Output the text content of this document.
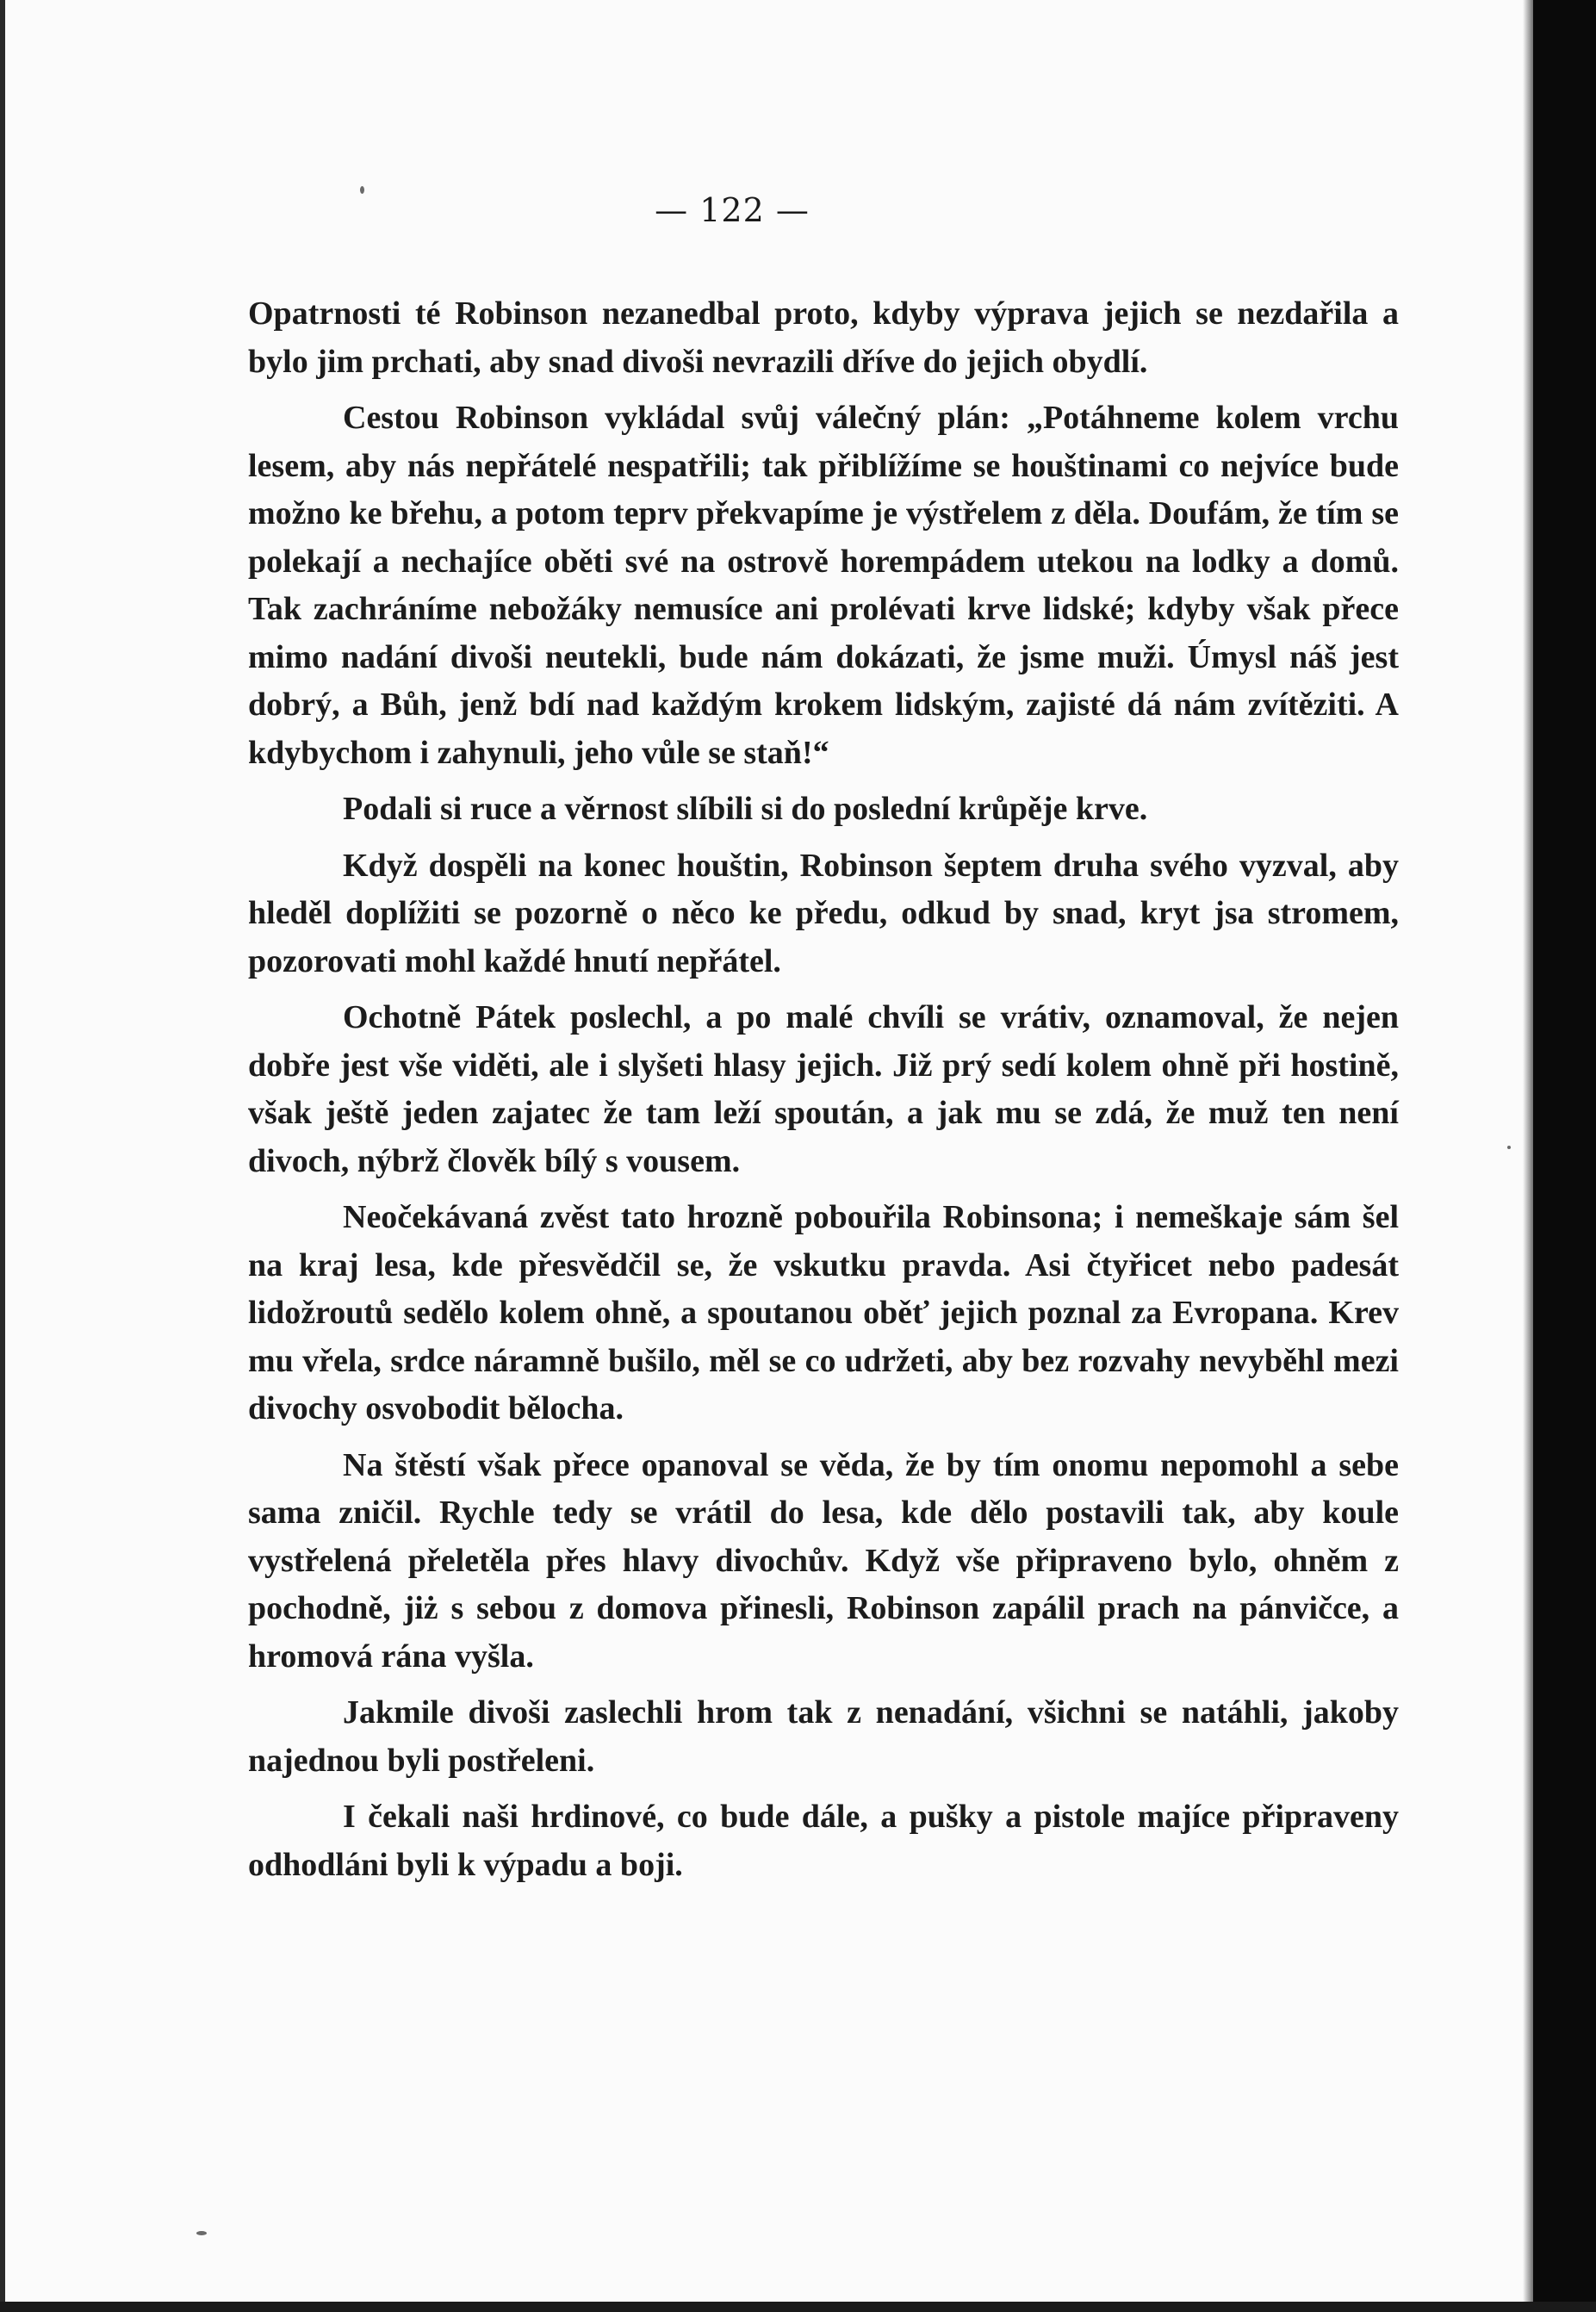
— 122 —

Opatrnosti té Robinson nezanedbal proto, kdyby výprava jejich se nezdařila a bylo jim prchati, aby snad divoši nevrazili dříve do jejich obydlí.

Cestou Robinson vykládal svůj válečný plán: „Potáhneme kolem vrchu lesem, aby nás nepřátelé nespatřili; tak přiblížíme se houštinami co nejvíce bude možno ke břehu, a potom teprv překvapíme je výstřelem z děla. Doufám, že tím se polekají a nechajíce oběti své na ostrově horempádem utekou na lodky a domů. Tak zachráníme nebožáky nemusíce ani prolévati krve lidské; kdyby však přece mimo nadání divoši neutekli, bude nám dokázati, že jsme muži. Úmysl náš jest dobrý, a Bůh, jenž bdí nad každým krokem lidským, zajisté dá nám zvítěziti. A kdybychom i zahynuli, jeho vůle se staň!“

Podali si ruce a věrnost slíbili si do poslední krůpěje krve.

Když dospěli na konec houštin, Robinson šeptem druha svého vyzval, aby hleděl doplížiti se pozorně o něco ke předu, odkud by snad, kryt jsa stromem, pozorovati mohl každé hnutí nepřátel.

Ochotně Pátek poslechl, a po malé chvíli se vrátiv, oznamoval, že nejen dobře jest vše viděti, ale i slyšeti hlasy jejich. Již prý sedí kolem ohně při hostině, však ještě jeden zajatec že tam leží spoután, a jak mu se zdá, že muž ten není divoch, nýbrž člověk bílý s vousem.

Neočekávaná zvěst tato hrozně pobouřila Robinsona; i nemeškaje sám šel na kraj lesa, kde přesvědčil se, že vskutku pravda. Asi čtyřicet nebo padesát lidožroutů sedělo kolem ohně, a spoutanou oběť jejich poznal za Evropana. Krev mu vřela, srdce náramně bušilo, měl se co udržeti, aby bez rozvahy nevyběhl mezi divochy osvobodit bělocha.

Na štěstí však přece opanoval se věda, že by tím onomu nepomohl a sebe sama zničil. Rychle tedy se vrátil do lesa, kde dělo postavili tak, aby koule vystřelená přeletěla přes hlavy divochův. Když vše připraveno bylo, ohněm z pochodně, jiż s sebou z domova přinesli, Robinson zapálil prach na pánvičce, a hromová rána vyšla.

Jakmile divoši zaslechli hrom tak z nenadání, všichni se natáhli, jakoby najednou byli postřeleni.

I čekali naši hrdinové, co bude dále, a pušky a pistole majíce připraveny odhodláni byli k výpadu a boji.
